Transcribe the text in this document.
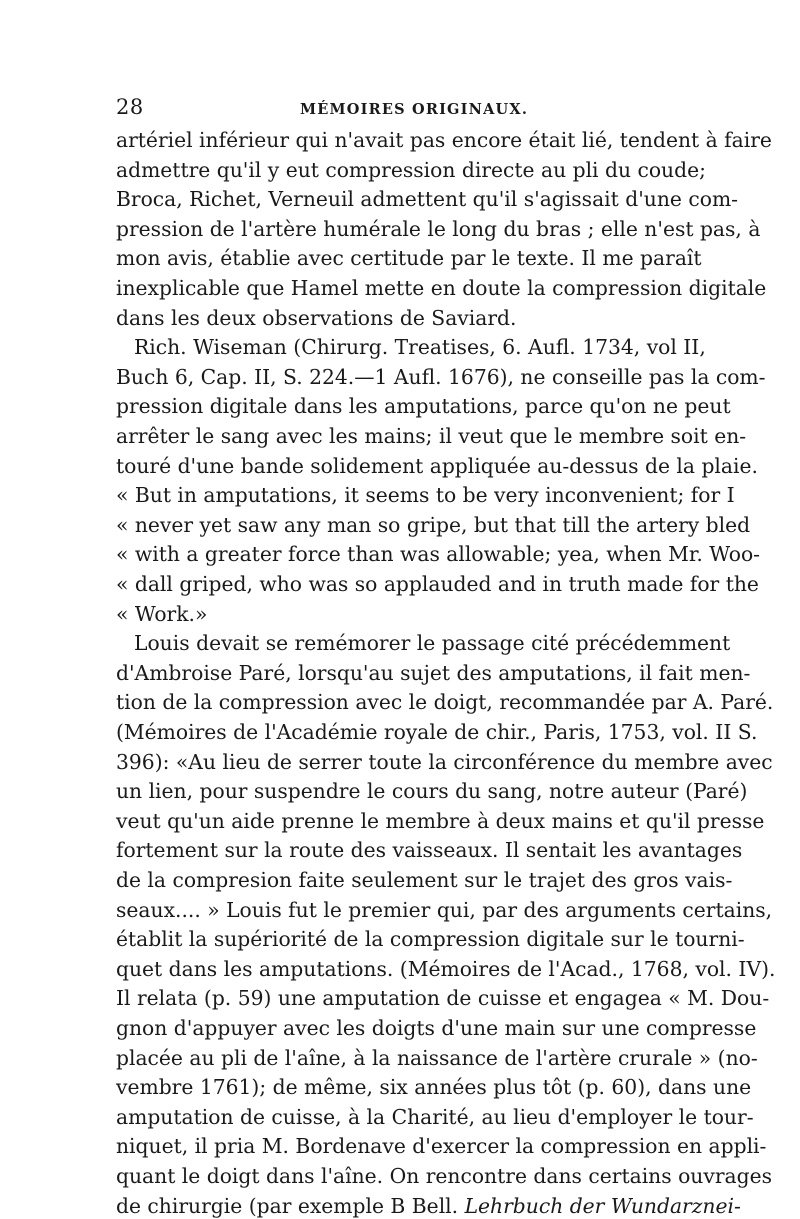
28	MÉMOIRES ORIGINAUX.
artériel inférieur qui n'avait pas encore était lié, tendent à faire
admettre qu'il y eut compression directe au pli du coude;
Broca, Richet, Verneuil admettent qu'il s'agissait d'une com-
pression de l'artère humérale le long du bras ; elle n'est pas, à
mon avis, établie avec certitude par le texte. Il me paraît
inexplicable que Hamel mette en doute la compression digitale
dans les deux observations de Saviard.
Rich. Wiseman (Chirurg. Treatises, 6. Aufl. 1734, vol II,
Buch 6, Cap. II, S. 224.—1 Aufl. 1676), ne conseille pas la com-
pression digitale dans les amputations, parce qu'on ne peut
arrêter le sang avec les mains; il veut que le membre soit en-
touré d'une bande solidement appliquée au-dessus de la plaie.
« But in amputations, it seems to be very inconvenient; for I
« never yet saw any man so gripe, but that till the artery bled
« with a greater force than was allowable; yea, when Mr. Woo-
« dall griped, who was so applauded and in truth made for the
« Work.»
Louis devait se remémorer le passage cité précédemment
d'Ambroise Paré, lorsqu'au sujet des amputations, il fait men-
tion de la compression avec le doigt, recommandée par A. Paré.
(Mémoires de l'Académie royale de chir., Paris, 1753, vol. II S.
396): «Au lieu de serrer toute la circonférence du membre avec
un lien, pour suspendre le cours du sang, notre auteur (Paré)
veut qu'un aide prenne le membre à deux mains et qu'il presse
fortement sur la route des vaisseaux. Il sentait les avantages
de la compresion faite seulement sur le trajet des gros vais-
seaux.... » Louis fut le premier qui, par des arguments certains,
établit la supériorité de la compression digitale sur le tourni-
quet dans les amputations. (Mémoires de l'Acad., 1768, vol. IV).
Il relata (p. 59) une amputation de cuisse et engagea « M. Dou-
gnon d'appuyer avec les doigts d'une main sur une compresse
placée au pli de l'aîne, à la naissance de l'artère crurale » (no-
vembre 1761); de même, six années plus tôt (p. 60), dans une
amputation de cuisse, à la Charité, au lieu d'employer le tour-
niquet, il pria M. Bordenave d'exercer la compression en appli-
quant le doigt dans l'aîne. On rencontre dans certains ouvrages
de chirurgie (par exemple B Bell. Lehrbuch der Wundarznei-
